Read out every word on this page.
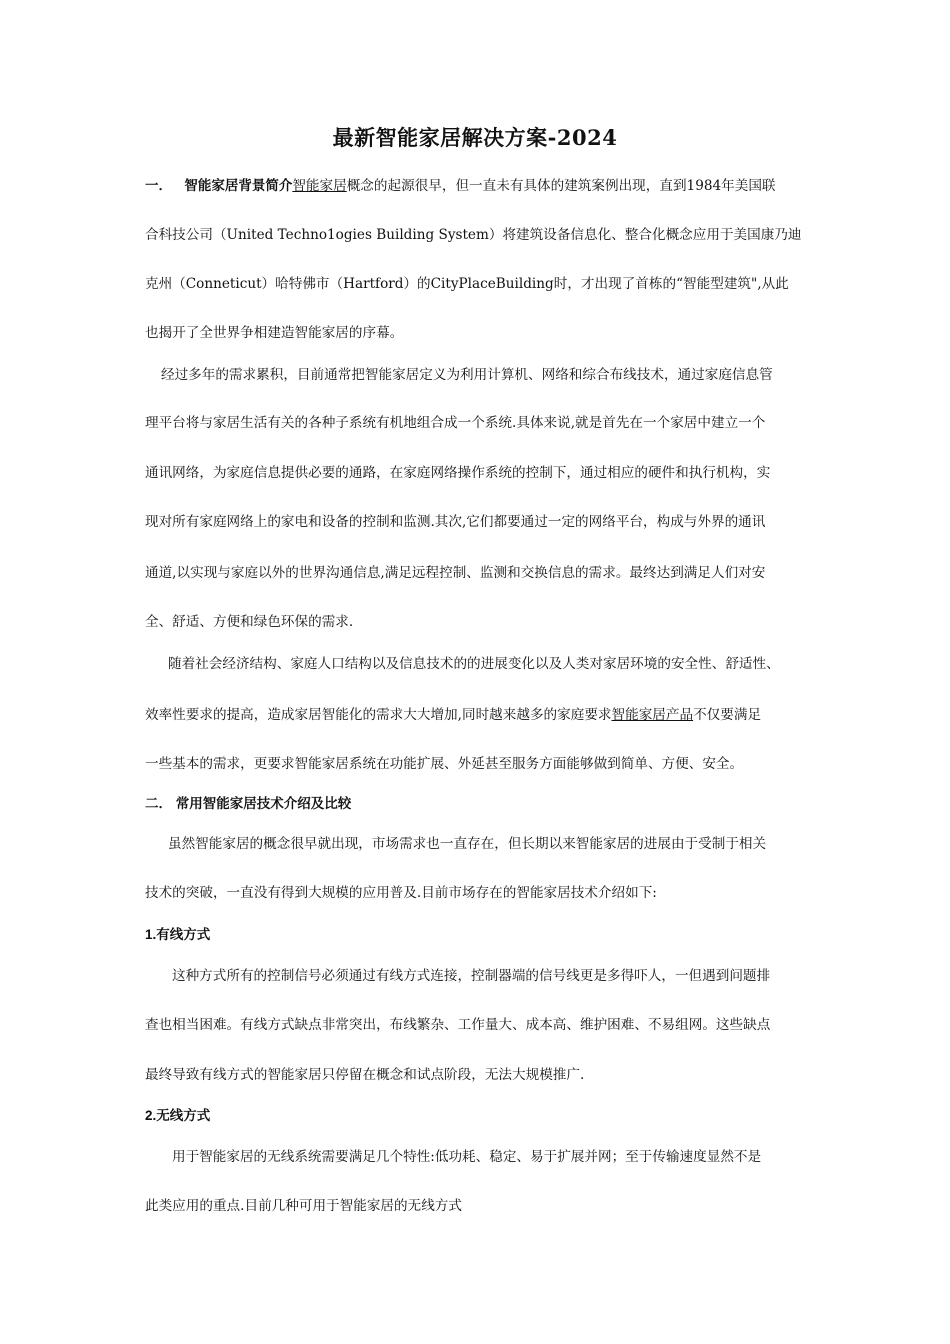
最新智能家居解决方案-2024
一． 智能家居背景简介智能家居概念的起源很早，但一直未有具体的建筑案例出现，直到1984年美国联
合科技公司（United Techno1ogies Building System）将建筑设备信息化、整合化概念应用于美国康乃迪
克州（Conneticut）哈特佛市（Hartford）的CityPlaceBuilding时，才出现了首栋的“智能型建筑",从此
也揭开了全世界争相建造智能家居的序幕。
经过多年的需求累积，目前通常把智能家居定义为利用计算机、网络和综合布线技术，通过家庭信息管
理平台将与家居生活有关的各种子系统有机地组合成一个系统.具体来说,就是首先在一个家居中建立一个
通讯网络，为家庭信息提供必要的通路，在家庭网络操作系统的控制下，通过相应的硬件和执行机构，实
现对所有家庭网络上的家电和设备的控制和监测.其次,它们都要通过一定的网络平台，构成与外界的通讯
通道,以实现与家庭以外的世界沟通信息,满足远程控制、监测和交换信息的需求。最终达到满足人们对安
全、舒适、方便和绿色环保的需求.
随着社会经济结构、家庭人口结构以及信息技术的的进展变化以及人类对家居环境的安全性、舒适性、
效率性要求的提高，造成家居智能化的需求大大增加,同时越来越多的家庭要求智能家居产品不仅要满足
一些基本的需求，更要求智能家居系统在功能扩展、外延甚至服务方面能够做到简单、方便、安全。
二． 常用智能家居技术介绍及比较
虽然智能家居的概念很早就出现，市场需求也一直存在，但长期以来智能家居的进展由于受制于相关
技术的突破，一直没有得到大规模的应用普及.目前市场存在的智能家居技术介绍如下:
1.有线方式
这种方式所有的控制信号必须通过有线方式连接，控制器端的信号线更是多得吓人，一但遇到问题排
查也相当困难。有线方式缺点非常突出，布线繁杂、工作量大、成本高、维护困难、不易组网。这些缺点
最终导致有线方式的智能家居只停留在概念和试点阶段，无法大规模推广.
2.无线方式
用于智能家居的无线系统需要满足几个特性:低功耗、稳定、易于扩展并网；至于传输速度显然不是
此类应用的重点.目前几种可用于智能家居的无线方式
